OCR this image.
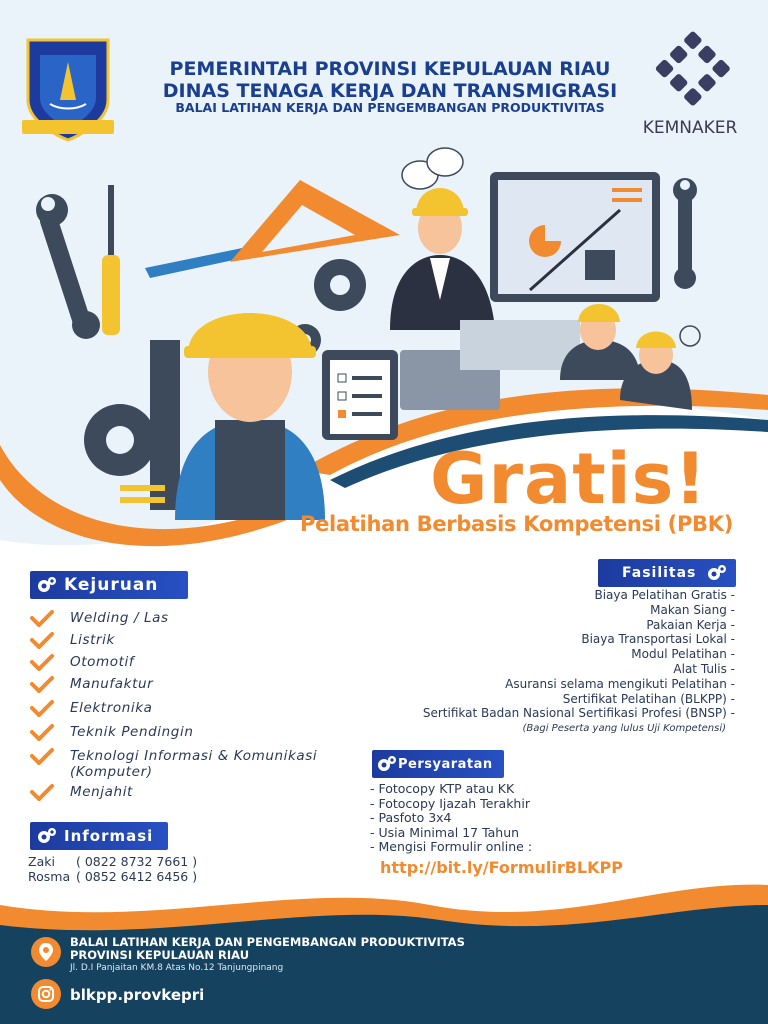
PEMERINTAH PROVINSI KEPULAUAN RIAU
DINAS TENAGA KERJA DAN TRANSMIGRASI
BALAI LATIHAN KERJA DAN PENGEMBANGAN PRODUKTIVITAS
KEMNAKER
Gratis!
Pelatihan Berbasis Kompetensi (PBK)
Kejuruan
Welding / Las
Listrik
Otomotif
Manufaktur
Elektronika
Teknik Pendingin
Teknologi Informasi & Komunikasi (Komputer)
Menjahit
Informasi
Zaki	( 0822 8732 7661 )
Rosma ( 0852 6412 6456 )
Fasilitas
Biaya Pelatihan Gratis -
Makan Siang -
Pakaian Kerja -
Biaya Transportasi Lokal -
Modul Pelatihan -
Alat Tulis -
Asuransi selama mengikuti Pelatihan -
Sertifikat Pelatihan (BLKPP) -
Sertifikat Badan Nasional Sertifikasi Profesi (BNSP) -
(Bagi Peserta yang lulus Uji Kompetensi)
Persyaratan
- Fotocopy KTP atau KK
- Fotocopy Ijazah Terakhir
- Pasfoto 3x4
- Usia Minimal 17 Tahun
- Mengisi Formulir online :
http://bit.ly/FormulirBLKPP
BALAI LATIHAN KERJA DAN PENGEMBANGAN PRODUKTIVITAS
PROVINSI KEPULAUAN RIAU
Jl. D.I Panjaitan KM.8 Atas No.12 Tanjungpinang
blkpp.provkepri
